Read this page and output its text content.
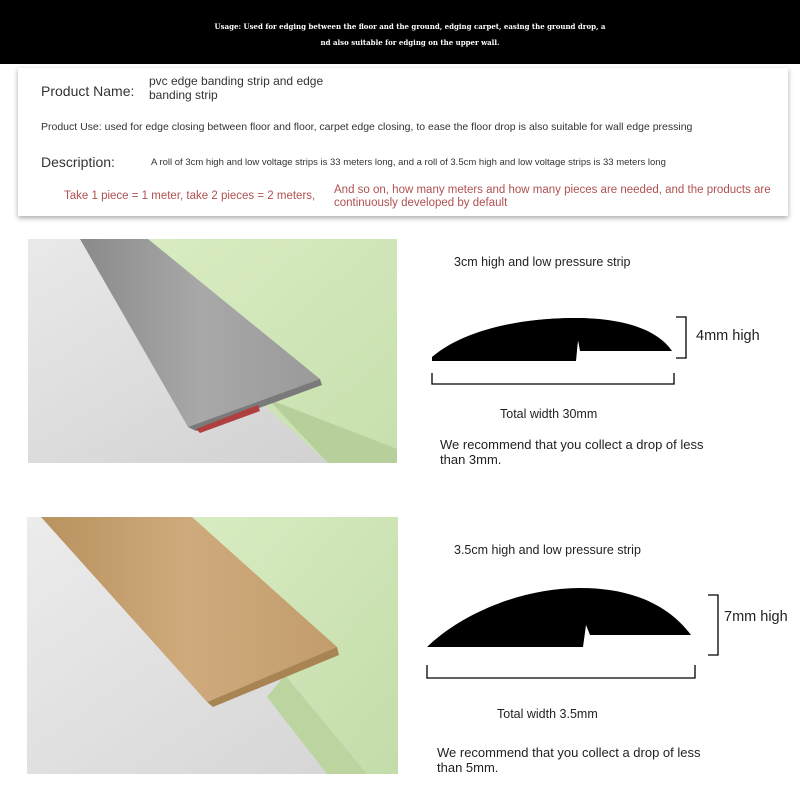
Usage: Used for edging between the floor and the ground, edging carpet, easing the ground drop, a
nd also suitable for edging on the upper wall.
Product Name:
pvc edge banding strip and edge banding strip
Product Use: used for edge closing between floor and floor, carpet edge closing, to ease the floor drop is also suitable for wall edge pressing
Description:	A roll of 3cm high and low voltage strips is 33 meters long, and a roll of 3.5cm high and low voltage strips is 33 meters long
Take 1 piece = 1 meter, take 2 pieces = 2 meters, And so on, how many meters and how many pieces are needed, and the products are continuously developed by default
3cm high and low pressure strip
4mm high
Total width 30mm
We recommend that you collect a drop of less than 3mm.
3.5cm high and low pressure strip
7mm high
Total width 3.5mm
We recommend that you collect a drop of less than 5mm.
